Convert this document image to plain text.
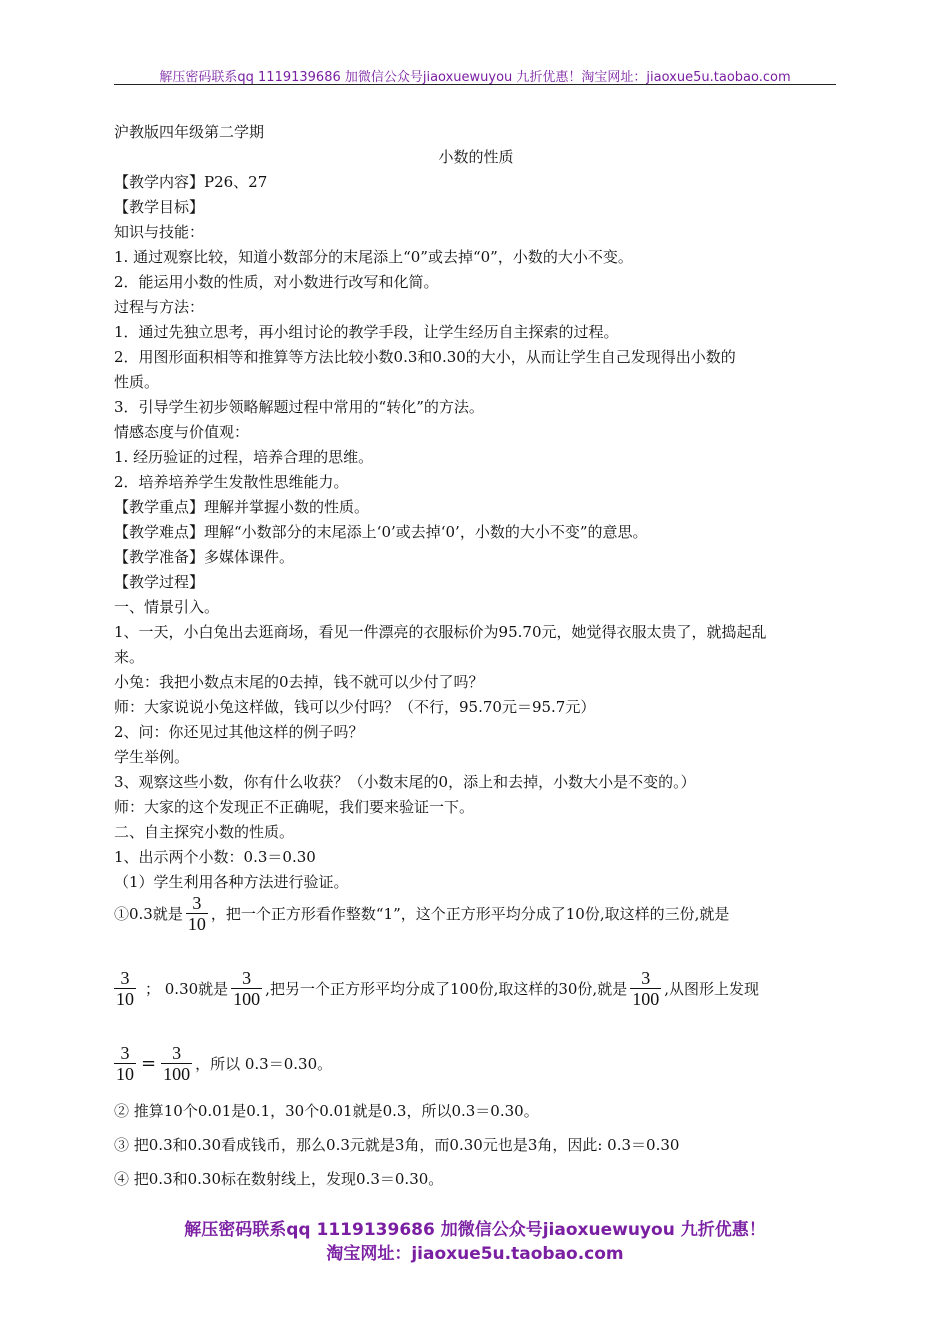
解压密码联系qq 1119139686 加微信公众号jiaoxuewuyou 九折优惠！淘宝网址：jiaoxue5u.taobao.com
沪教版四年级第二学期
小数的性质
【教学内容】P26、27
【教学目标】
知识与技能：
1. 通过观察比较，知道小数部分的末尾添上“0”或去掉“0”，小数的大小不变。
2．能运用小数的性质，对小数进行改写和化简。
过程与方法：
1．通过先独立思考，再小组讨论的教学手段，让学生经历自主探索的过程。
2．用图形面积相等和推算等方法比较小数0.3和0.30的大小，从而让学生自己发现得出小数的
性质。
3．引导学生初步领略解题过程中常用的“转化”的方法。
情感态度与价值观：
1. 经历验证的过程，培养合理的思维。
2．培养培养学生发散性思维能力。
【教学重点】理解并掌握小数的性质。
【教学难点】理解“小数部分的末尾添上‘0’或去掉‘0’，小数的大小不变”的意思。
【教学准备】多媒体课件。
【教学过程】
一、情景引入。
1、一天，小白兔出去逛商场，看见一件漂亮的衣服标价为95.70元，她觉得衣服太贵了，就捣起乱
来。
小兔：我把小数点末尾的0去掉，钱不就可以少付了吗？
师：大家说说小兔这样做，钱可以少付吗？（不行，95.70元＝95.7元）
2、问：你还见过其他这样的例子吗？
学生举例。
3、观察这些小数，你有什么收获？（小数末尾的0，添上和去掉，小数大小是不变的。）
师：大家的这个发现正不正确呢，我们要来验证一下。
二、自主探究小数的性质。
1、出示两个小数：0.3＝0.30
（1）学生利用各种方法进行验证。
①0.3就是 $\frac{3}{10}$ ，把一个正方形看作整数“1”，这个正方形平均分成了10份,取这样的三份,就是
$\frac{3}{10}$ ； 0.30就是 $\frac{3}{100}$ ,把另一个正方形平均分成了100份,取这样的30份,就是 $\frac{3}{100}$ ,从图形上发现
$\frac{3}{10} = \frac{3}{100}$ ，所以 0.3＝0.30。
② 推算10个0.01是0.1，30个0.01就是0.3，所以0.3＝0.30。
③ 把0.3和0.30看成钱币，那么0.3元就是3角，而0.30元也是3角，因此: 0.3＝0.30
④ 把0.3和0.30标在数射线上，发现0.3＝0.30。
解压密码联系qq 1119139686 加微信公众号jiaoxuewuyou 九折优惠！
淘宝网址：jiaoxue5u.taobao.com
